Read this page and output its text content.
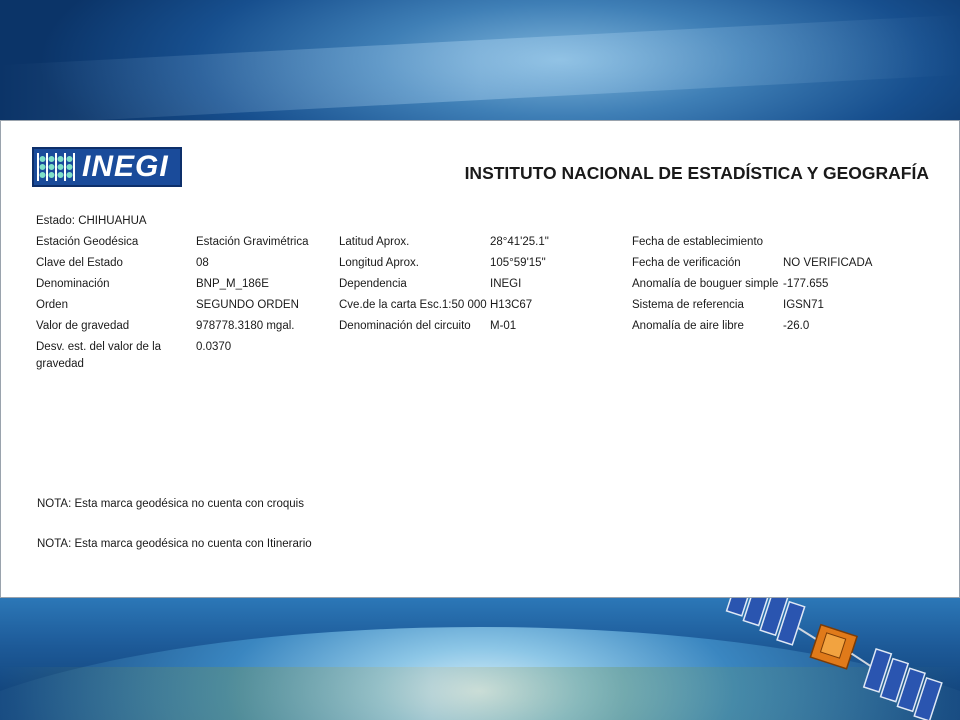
INEGI	INSTITUTO NACIONAL DE ESTADÍSTICA Y GEOGRAFÍA
Estado: CHIHUAHUA
Estación Geodésica
Clave del Estado
Denominación
Orden
Valor de gravedad
Desv. est. del valor de la gravedad
Estación Gravimétrica
08
BNP_M_186E
SEGUNDO ORDEN
978778.3180 mgal.
0.0370
Latitud Aprox.
Longitud Aprox.
Dependencia
Cve.de la carta Esc.1:50 000
Denominación del circuito
28°41'25.1"
105°59'15"
INEGI
H13C67
M-01
Fecha de establecimiento
Fecha de verificación
Anomalía de bouguer simple
Sistema de referencia
Anomalía de aire libre
NO VERIFICADA
-177.655
IGSN71
-26.0
NOTA: Esta marca geodésica no cuenta con croquis
NOTA: Esta marca geodésica no cuenta con Itinerario
